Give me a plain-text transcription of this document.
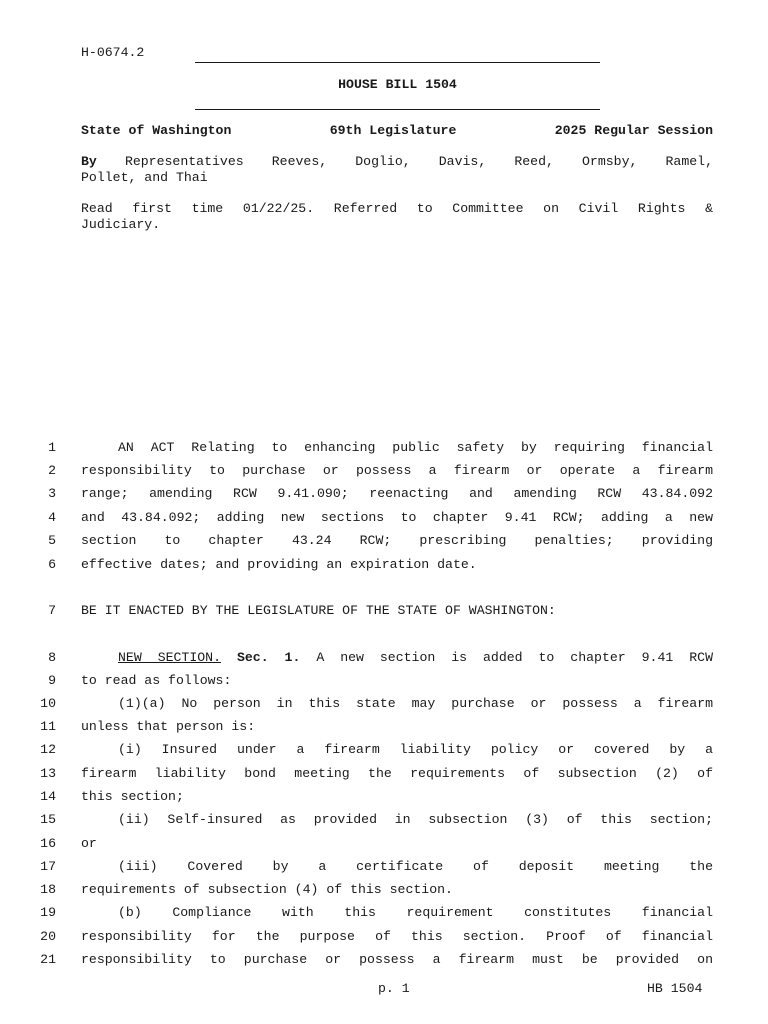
H-0674.2
HOUSE BILL 1504
State of Washington	69th Legislature	2025 Regular Session
By Representatives Reeves, Doglio, Davis, Reed, Ormsby, Ramel,
Pollet, and Thai
Read first time 01/22/25. Referred to Committee on Civil Rights &
Judiciary.
1	AN ACT Relating to enhancing public safety by requiring financial
2 responsibility to purchase or possess a firearm or operate a firearm
3 range; amending RCW 9.41.090; reenacting and amending RCW 43.84.092
4 and 43.84.092; adding new sections to chapter 9.41 RCW; adding a new
5 section to chapter 43.24 RCW; prescribing penalties; providing
6 effective dates; and providing an expiration date.
7 BE IT ENACTED BY THE LEGISLATURE OF THE STATE OF WASHINGTON:
8	NEW SECTION. Sec. 1. A new section is added to chapter 9.41 RCW
9 to read as follows:
10	(1)(a) No person in this state may purchase or possess a firearm
11 unless that person is:
12	(i) Insured under a firearm liability policy or covered by a
13 firearm liability bond meeting the requirements of subsection (2) of
14 this section;
15	(ii) Self-insured as provided in subsection (3) of this section;
16 or
17	(iii) Covered by a certificate of deposit meeting the
18 requirements of subsection (4) of this section.
19	(b) Compliance with this requirement constitutes financial
20 responsibility for the purpose of this section. Proof of financial
21 responsibility to purchase or possess a firearm must be provided on
p. 1	HB 1504
